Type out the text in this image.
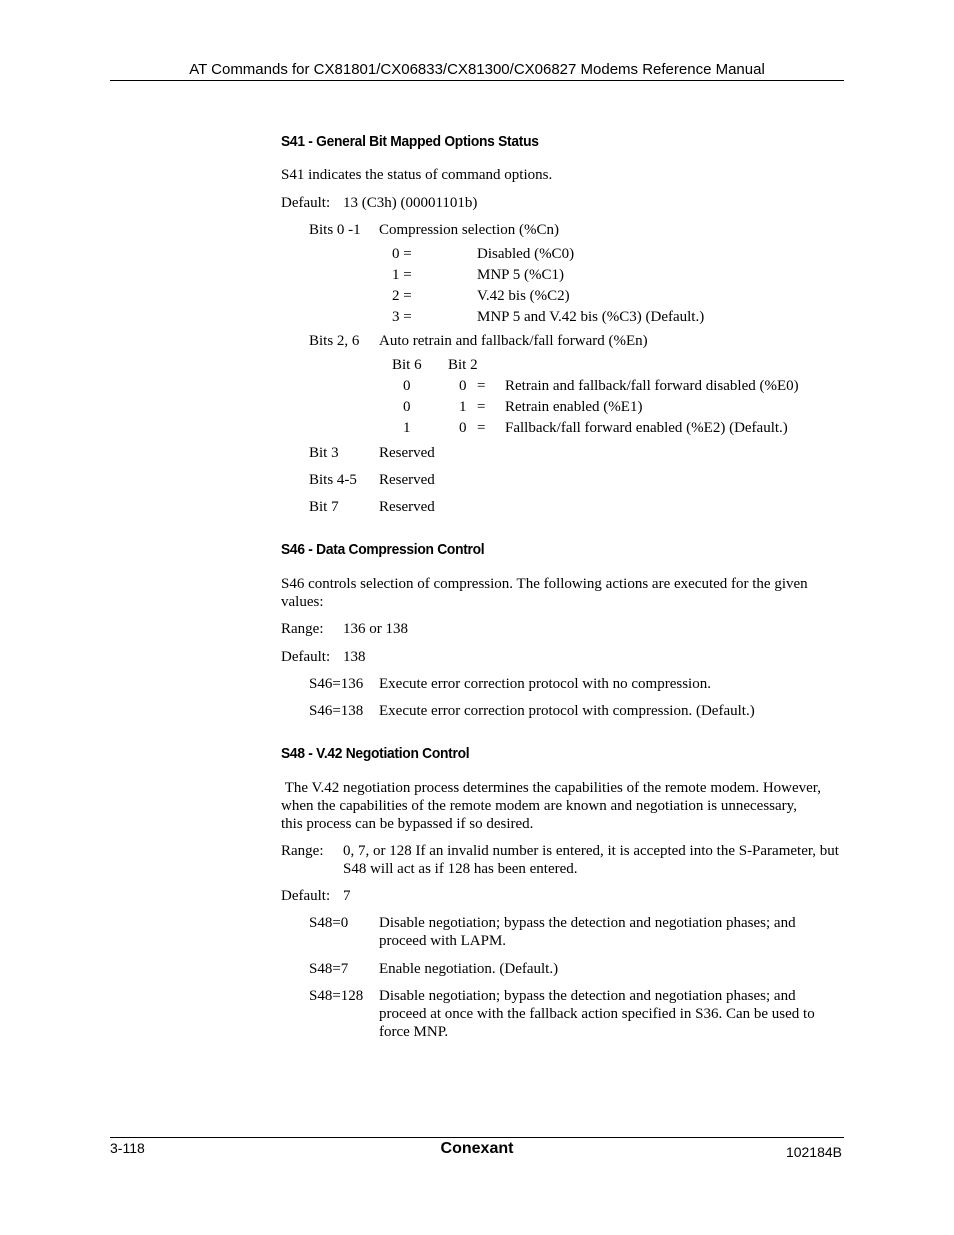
AT Commands for CX81801/CX06833/CX81300/CX06827 Modems Reference Manual
S41 - General Bit Mapped Options Status
S41 indicates the status of command options.
Default: 13 (C3h) (00001101b)
Bits 0 -1 Compression selection (%Cn)
0 =	Disabled (%C0)
1 =	MNP 5 (%C1)
2 =	V.42 bis (%C2)
3 =	MNP 5 and V.42 bis (%C3) (Default.)
Bits 2, 6 Auto retrain and fallback/fall forward (%En)
Bit 6 Bit 2
0	0 = Retrain and fallback/fall forward disabled (%E0)
0	1 = Retrain enabled (%E1)
1	0 = Fallback/fall forward enabled (%E2) (Default.)
Bit 3	Reserved
Bits 4-5 Reserved
Bit 7	Reserved
S46 - Data Compression Control
S46 controls selection of compression. The following actions are executed for the given values:
Range: 136 or 138
Default: 138
S46=136 Execute error correction protocol with no compression.
S46=138 Execute error correction protocol with compression. (Default.)
S48 - V.42 Negotiation Control
The V.42 negotiation process determines the capabilities of the remote modem. However, when the capabilities of the remote modem are known and negotiation is unnecessary, this process can be bypassed if so desired.
Range: 0, 7, or 128 If an invalid number is entered, it is accepted into the S-Parameter, but S48 will act as if 128 has been entered.
Default: 7
S48=0 Disable negotiation; bypass the detection and negotiation phases; and proceed with LAPM.
S48=7 Enable negotiation. (Default.)
S48=128 Disable negotiation; bypass the detection and negotiation phases; and proceed at once with the fallback action specified in S36. Can be used to force MNP.
3-118	Conexant	102184B
